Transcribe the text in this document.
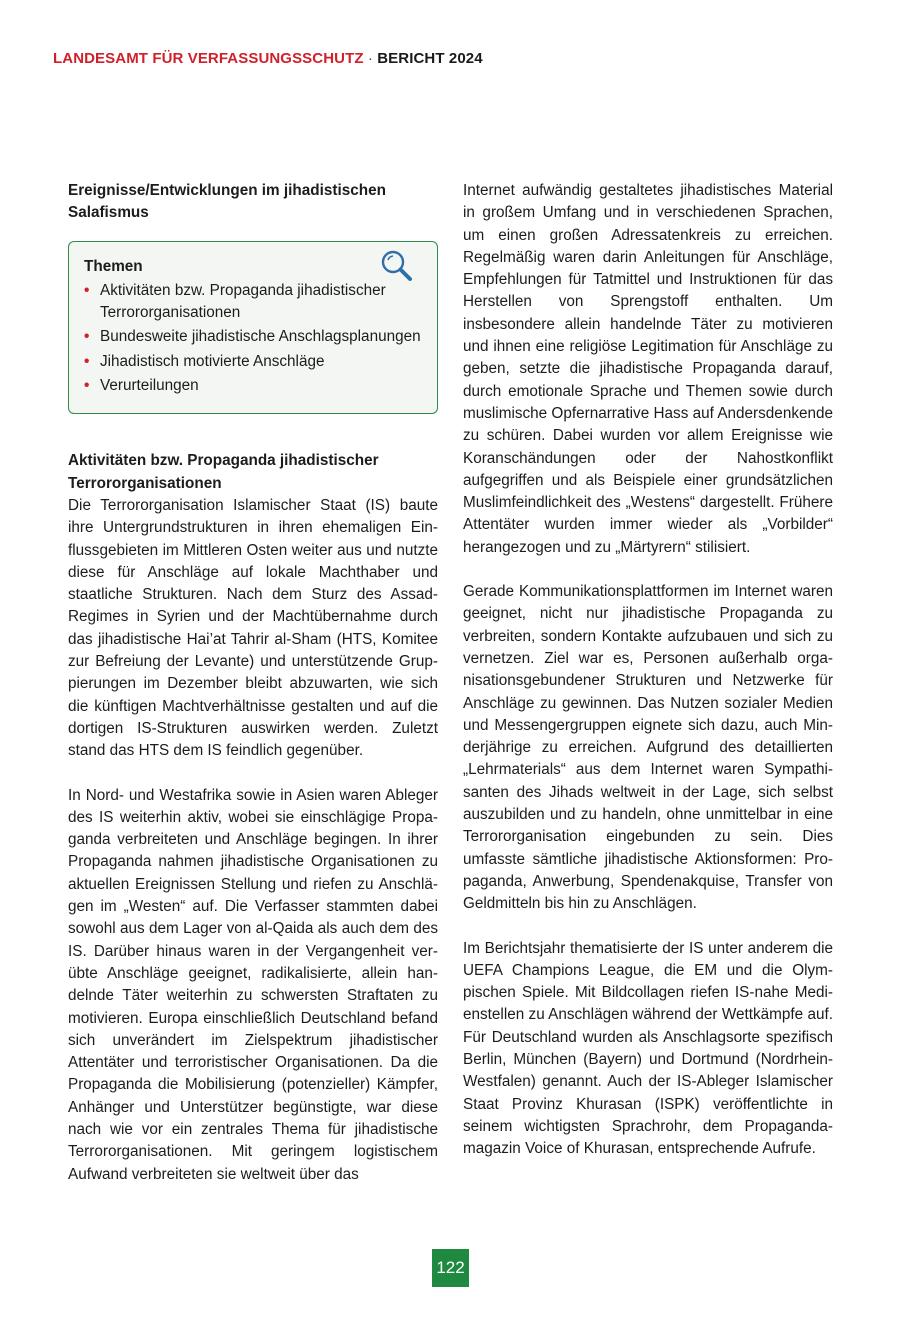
LANDESAMT FÜR VERFASSUNGSSCHUTZ · BERICHT 2024

Ereignisse/Entwicklungen im jihadistischen
Salafismus

Themen

• Aktivitäten bzw. Propaganda jihadistischer Terrororganisationen
• Bundesweite jihadistische Anschlagsplanungen
• Jihadistisch motivierte Anschläge
• Verurteilungen

Aktivitäten bzw. Propaganda jihadistischer
Terrororganisationen

Die Terrororganisation Islamischer Staat (IS) baute ihre Untergrundstrukturen in ihren ehemaligen Einflussgebieten im Mittleren Osten weiter aus und nutzte diese für Anschläge auf lokale Machthaber und staatliche Strukturen. Nach dem Sturz des Assad-Regimes in Syrien und der Machtübernahme durch das jihadistische Hai’at Tahrir al-Sham (HTS, Komitee zur Befreiung der Levante) und unterstützende Gruppierungen im Dezember bleibt abzuwarten, wie sich die künftigen Machtverhältnisse gestalten und auf die dortigen IS-Strukturen auswirken werden. Zuletzt stand das HTS dem IS feindlich gegenüber.

In Nord- und Westafrika sowie in Asien waren Ableger des IS weiterhin aktiv, wobei sie einschlägige Propaganda verbreiteten und Anschläge begingen. In ihrer Propaganda nahmen jihadistische Organisationen zu aktuellen Ereignissen Stellung und riefen zu Anschlägen im „Westen“ auf. Die Verfasser stammten dabei sowohl aus dem Lager von al-Qaida als auch dem des IS. Darüber hinaus waren in der Vergangenheit verübte Anschläge geeignet, radikalisierte, allein handelnde Täter weiterhin zu schwersten Straftaten zu motivieren. Europa einschließlich Deutschland befand sich unverändert im Zielspektrum jihadistischer Attentäter und terroristischer Organisationen. Da die Propaganda die Mobilisierung (potenzieller) Kämpfer, Anhänger und Unterstützer begünstigte, war diese nach wie vor ein zentrales Thema für jihadistische Terrororganisationen. Mit geringem logistischem Aufwand verbreiteten sie weltweit über das

Internet aufwändig gestaltetes jihadistisches Material in großem Umfang und in verschiedenen Sprachen, um einen großen Adressatenkreis zu erreichen. Regelmäßig waren darin Anleitungen für Anschläge, Empfehlungen für Tatmittel und Instruktionen für das Herstellen von Sprengstoff enthalten. Um insbesondere allein handelnde Täter zu motivieren und ihnen eine religiöse Legitimation für Anschläge zu geben, setzte die jihadistische Propaganda darauf, durch emotionale Sprache und Themen sowie durch muslimische Opfernarrative Hass auf Andersdenkende zu schüren. Dabei wurden vor allem Ereignisse wie Koranschändungen oder der Nahostkonflikt aufgegriffen und als Beispiele einer grundsätzlichen Muslimfeindlichkeit des „Westens“ dargestellt. Frühere Attentäter wurden immer wieder als „Vorbilder“ herangezogen und zu „Märtyrern“ stilisiert.

Gerade Kommunikationsplattformen im Internet waren geeignet, nicht nur jihadistische Propaganda zu verbreiten, sondern Kontakte aufzubauen und sich zu vernetzen. Ziel war es, Personen außerhalb organisationsgebundener Strukturen und Netzwerke für Anschläge zu gewinnen. Das Nutzen sozialer Medien und Messengergruppen eignete sich dazu, auch Minderjährige zu erreichen. Aufgrund des detaillierten „Lehrmaterials“ aus dem Internet waren Sympathisanten des Jihads weltweit in der Lage, sich selbst auszubilden und zu handeln, ohne unmittelbar in eine Terrororganisation eingebunden zu sein. Dies umfasste sämtliche jihadistische Aktionsformen: Propaganda, Anwerbung, Spendenakquise, Transfer von Geldmitteln bis hin zu Anschlägen.

Im Berichtsjahr thematisierte der IS unter anderem die UEFA Champions League, die EM und die Olympischen Spiele. Mit Bildcollagen riefen IS-nahe Medienstellen zu Anschlägen während der Wettkämpfe auf. Für Deutschland wurden als Anschlagsorte spezifisch Berlin, München (Bayern) und Dortmund (Nordrhein-Westfalen) genannt. Auch der IS-Ableger Islamischer Staat Provinz Khurasan (ISPK) veröffentlichte in seinem wichtigsten Sprachrohr, dem Propagandamagazin Voice of Khurasan, entsprechende Aufrufe.

122
